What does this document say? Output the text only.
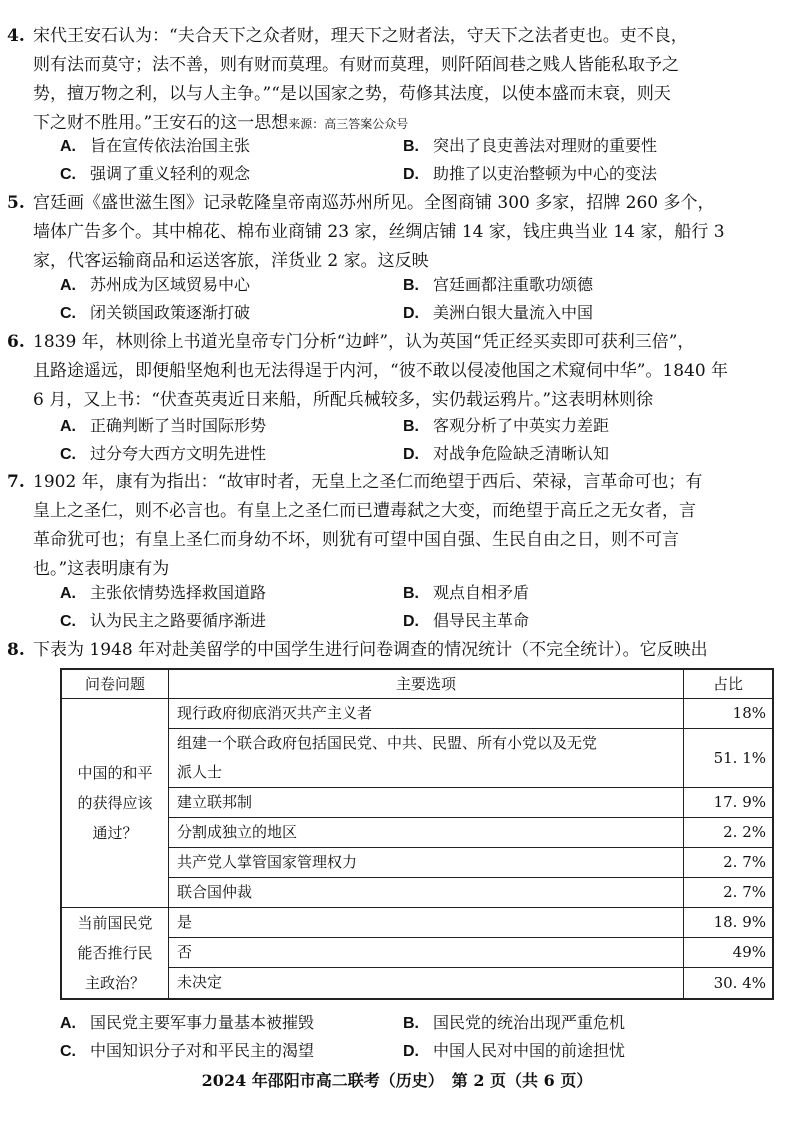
4. 宋代王安石认为：“夫合天下之众者财，理天下之财者法，守天下之法者吏也。吏不良，
则有法而莫守；法不善，则有财而莫理。有财而莫理，则阡陌闾巷之贱人皆能私取予之
势，擅万物之利，以与人主争。”“是以国家之势，苟修其法度，以使本盛而末衰，则天
下之财不胜用。”王安石的这一思想来源：高三答案公众号
A. 旨在宣传依法治国主张	B. 突出了良吏善法对理财的重要性
C. 强调了重义轻利的观念	D. 助推了以吏治整顿为中心的变法
5. 宫廷画《盛世滋生图》记录乾隆皇帝南巡苏州所见。全图商铺 300 多家，招牌 260 多个，
墙体广告多个。其中棉花、棉布业商铺 23 家，丝绸店铺 14 家，钱庄典当业 14 家，船行 3
家，代客运输商品和运送客旅，洋货业 2 家。这反映
A. 苏州成为区域贸易中心	B. 宫廷画都注重歌功颂德
C. 闭关锁国政策逐渐打破	D. 美洲白银大量流入中国
6. 1839 年，林则徐上书道光皇帝专门分析“边衅”，认为英国“凭正经买卖即可获利三倍”，
且路途遥远，即便船坚炮利也无法得逞于内河，“彼不敢以侵凌他国之术窥伺中华”。1840 年
6 月，又上书：“伏查英夷近日来船，所配兵械较多，实仍载运鸦片。”这表明林则徐
A. 正确判断了当时国际形势	B. 客观分析了中英实力差距
C. 过分夸大西方文明先进性	D. 对战争危险缺乏清晰认知
7. 1902 年，康有为指出：“故审时者，无皇上之圣仁而绝望于西后、荣禄，言革命可也；有
皇上之圣仁，则不必言也。有皇上之圣仁而已遭毒弑之大变，而绝望于高丘之无女者，言
革命犹可也；有皇上圣仁而身幼不坏，则犹有可望中国自强、生民自由之日，则不可言
也。”这表明康有为
A. 主张依情势选择救国道路	B. 观点自相矛盾
C. 认为民主之路要循序渐进	D. 倡导民主革命
8. 下表为 1948 年对赴美留学的中国学生进行问卷调查的情况统计（不完全统计）。它反映出
问卷问题	主要选项	占比
中国的和平
的获得应该
通过？	现行政府彻底消灭共产主义者	18%
	组建一个联合政府包括国民党、中共、民盟、所有小党以及无党
派人士	51. 1%
	建立联邦制	17. 9%
	分割成独立的地区	2. 2%
	共产党人掌管国家管理权力	2. 7%
	联合国仲裁	2. 7%
当前国民党
能否推行民
主政治？	是	18. 9%
	否	49%
	未决定	30. 4%
A. 国民党主要军事力量基本被摧毁	B. 国民党的统治出现严重危机
C. 中国知识分子对和平民主的渴望	D. 中国人民对中国的前途担忧
2024 年邵阳市高二联考（历史）　第 2 页（共 6 页）
